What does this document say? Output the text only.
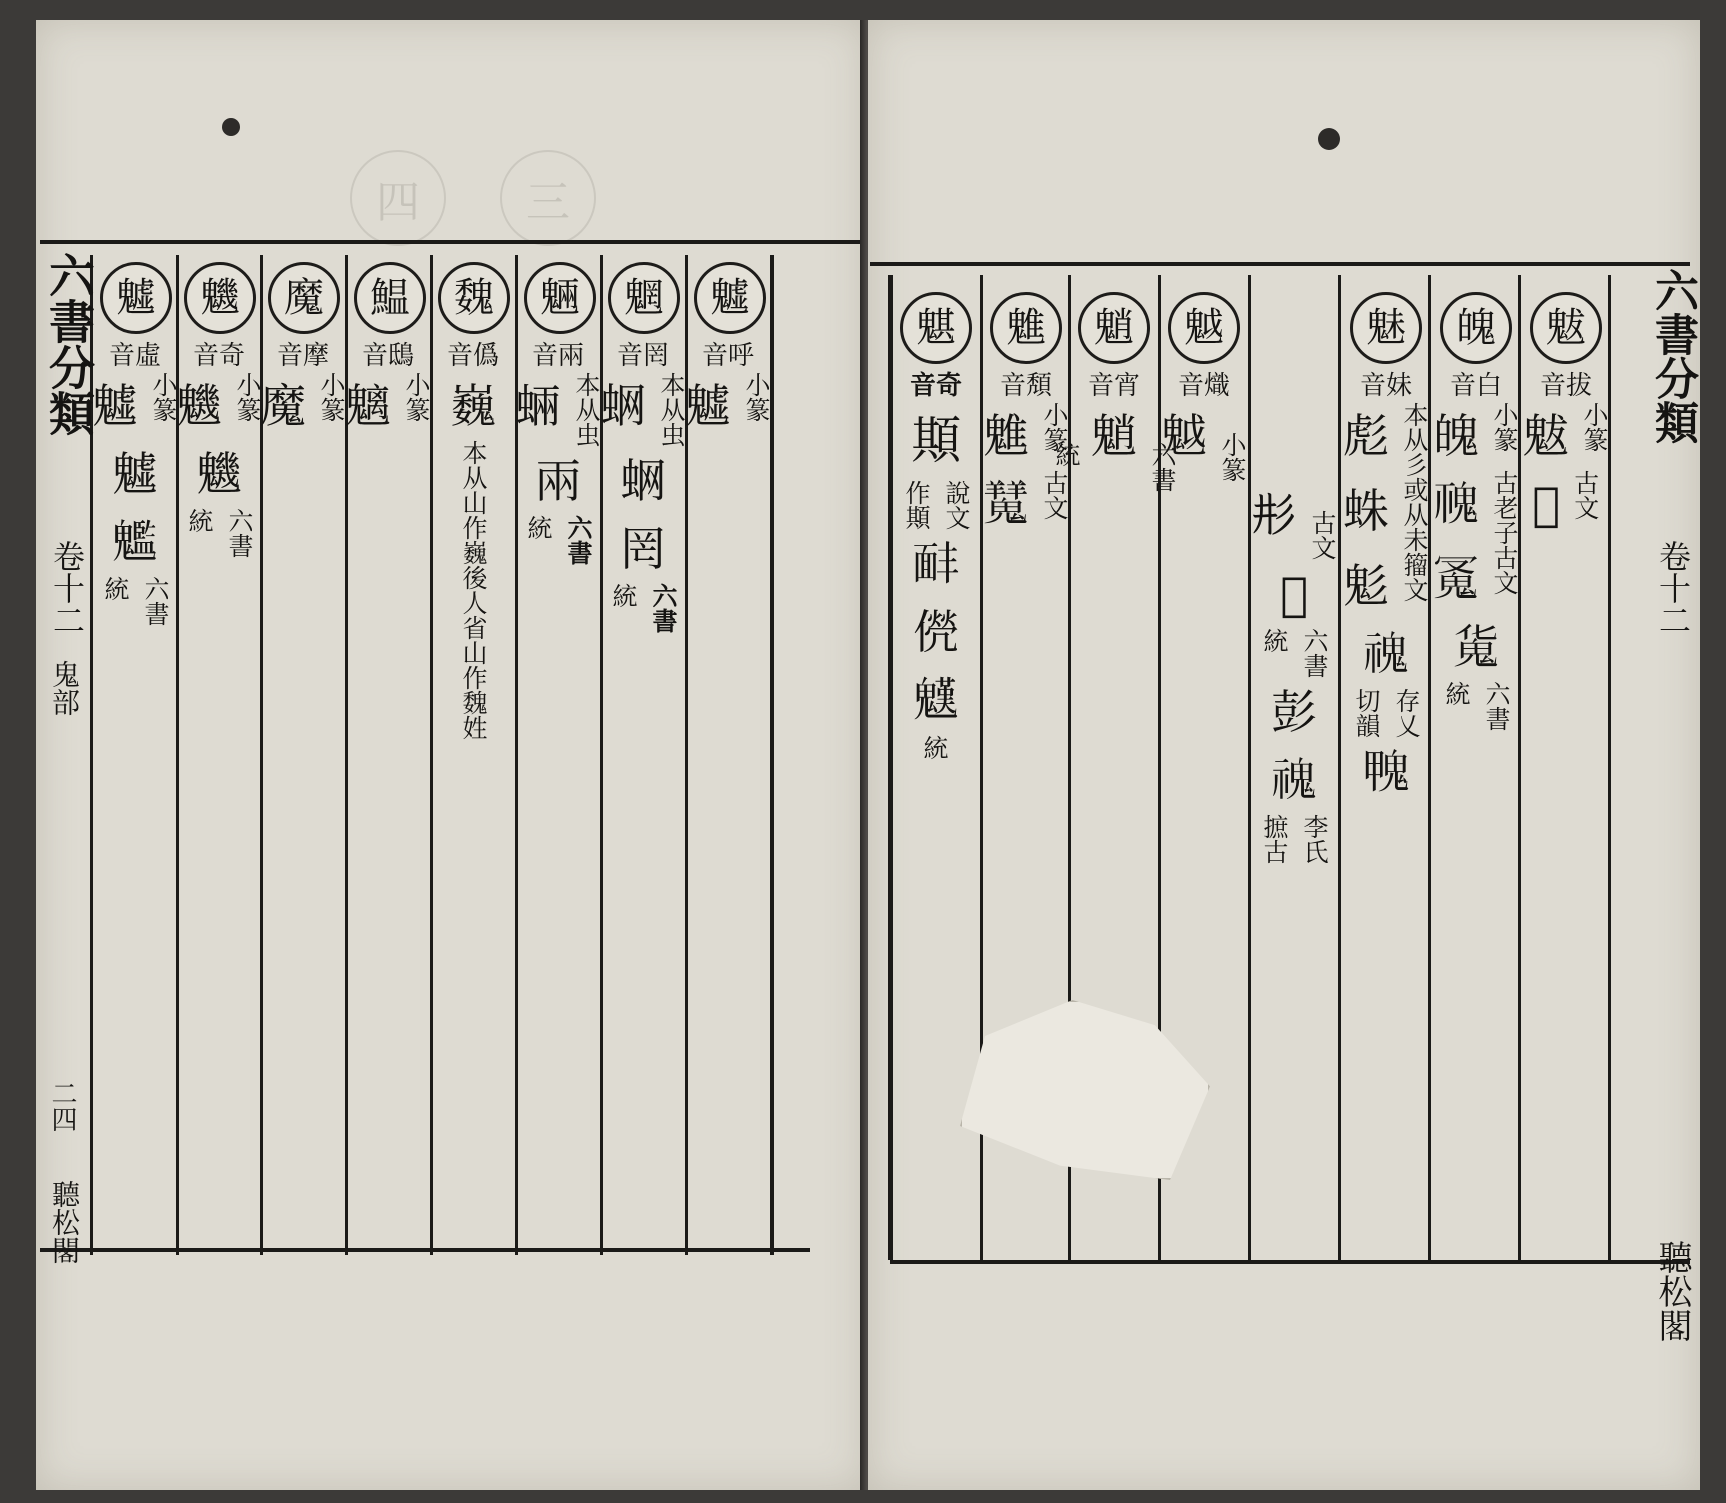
四	三
六書分類
卷十二
鬼部
二四
聽松閣
魖
音虛
魖 小篆
魖
𩴵
統 六書
魕
音奇
魕 小篆
魕
統 六書
魔
音摩
魔 小篆
鰛
音鴟
魑 小篆
魏
音僞
巍
本从山作巍後人省山作魏姓
魎
音兩
蜽 本从虫
兩
統 六書
魍
音罔
蛧 本从虫
蛧
罔
統 六書
魖
音呼
魖 小篆	六書分類
卷十二
聽松閣
魌
音奇
䫏
作䫏 說文
𩈈
㒌
𩴓
統
魋
音頽
魋 小篆
𩴨 古文
魈
音宵
統 魈
六書
魆
音熾
魆 小篆
𢒈 古文
𩲅
統 六書
彭
𩲡
摭古 李氏
魅
音妹
彪 本从彡
蛛 或从未
鬽 籀文
𩲡
切韻 存乂
𩲣
魄
音白
魄 小篆
𩲚 古老子
𩲛 古文
𩲜
統 六書
魃
音拔
魃 小篆
𩲓 古文
